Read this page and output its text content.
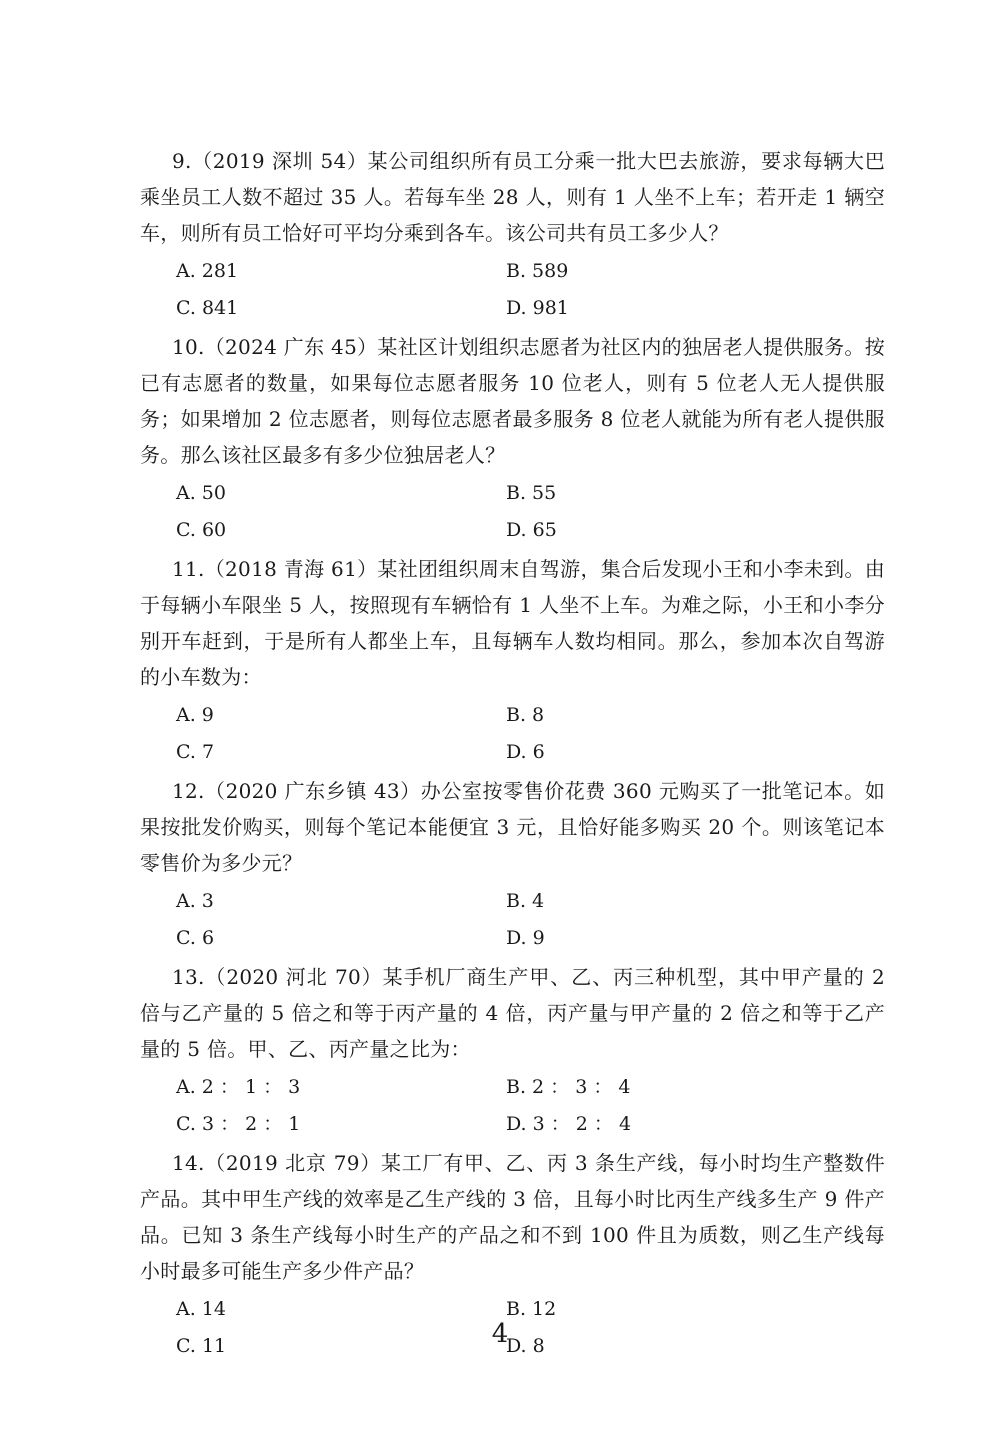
9.（2019 深圳 54）某公司组织所有员工分乘一批大巴去旅游，要求每辆大巴乘坐员工人数不超过 35 人。若每车坐 28 人，则有 1 人坐不上车；若开走 1 辆空车，则所有员工恰好可平均分乘到各车。该公司共有员工多少人？

A. 281	B. 589
C. 841	D. 981

10.（2024 广东 45）某社区计划组织志愿者为社区内的独居老人提供服务。按已有志愿者的数量，如果每位志愿者服务 10 位老人，则有 5 位老人无人提供服务；如果增加 2 位志愿者，则每位志愿者最多服务 8 位老人就能为所有老人提供服务。那么该社区最多有多少位独居老人？

A. 50	B. 55
C. 60	D. 65

11.（2018 青海 61）某社团组织周末自驾游，集合后发现小王和小李未到。由于每辆小车限坐 5 人，按照现有车辆恰有 1 人坐不上车。为难之际，小王和小李分别开车赶到，于是所有人都坐上车，且每辆车人数均相同。那么，参加本次自驾游的小车数为：

A. 9	B. 8
C. 7	D. 6

12.（2020 广东乡镇 43）办公室按零售价花费 360 元购买了一批笔记本。如果按批发价购买，则每个笔记本能便宜 3 元，且恰好能多购买 20 个。则该笔记本零售价为多少元？

A. 3	B. 4
C. 6	D. 9

13.（2020 河北 70）某手机厂商生产甲、乙、丙三种机型，其中甲产量的 2 倍与乙产量的 5 倍之和等于丙产量的 4 倍，丙产量与甲产量的 2 倍之和等于乙产量的 5 倍。甲、乙、丙产量之比为：

A. 2 ： 1 ： 3	B. 2 ： 3 ： 4
C. 3 ： 2 ： 1	D. 3 ： 2 ： 4

14.（2019 北京 79）某工厂有甲、乙、丙 3 条生产线，每小时均生产整数件产品。其中甲生产线的效率是乙生产线的 3 倍，且每小时比丙生产线多生产 9 件产品。已知 3 条生产线每小时生产的产品之和不到 100 件且为质数，则乙生产线每小时最多可能生产多少件产品？

A. 14	B. 12
C. 11	D. 8
4
